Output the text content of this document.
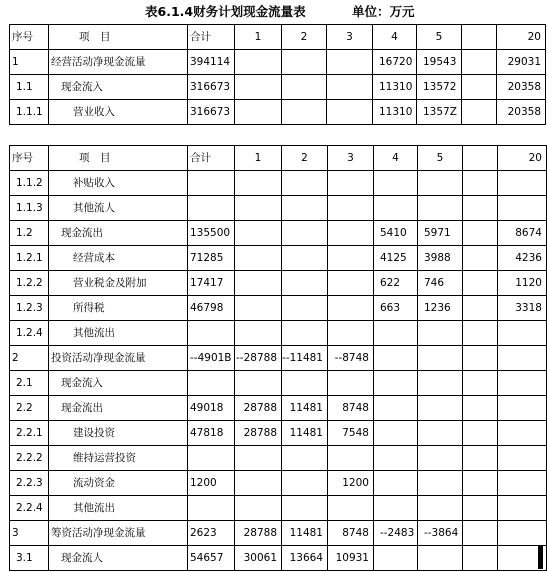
表6.1.4财务计划现金流量表

	单位：万元

序号	项　目	合计	1	2	3	4	5		20
1	经营活动净现金流量	394114				16720	19543		29031
1.1	现金流入	316673				11310	13572		20358
1.1.1	营业收入	316673				11310	1357Z		20358
序号	项　目	合计	1	2	3	4	5		20
1.1.2	补贴收入								
1.1.3	其他流人								
1.2	现金流出	135500				5410	5971		8674
1.2.1	经营成本	71285				4125	3988		4236
1.2.2	营业税金及附加	17417				622	746		1120
1.2.3	所得税	46798				663	1236		3318
1.2.4	其他流出								
2	投资活动净现金流量	--4901B	--28788	--11481	--8748				
2.1	现金流入								
2.2	现金流出	49018	28788	11481	8748				
2.2.1	建设投资	47818	28788	11481	7548				
2.2.2	维持运营投资								
2.2.3	流动资金	1200			1200				
2.2.4	其他流出								
3	筹资活动净现金流量	2623	28788	11481	8748	--2483	--3864		
3.1	现金流人	54657	30061	13664	10931				
